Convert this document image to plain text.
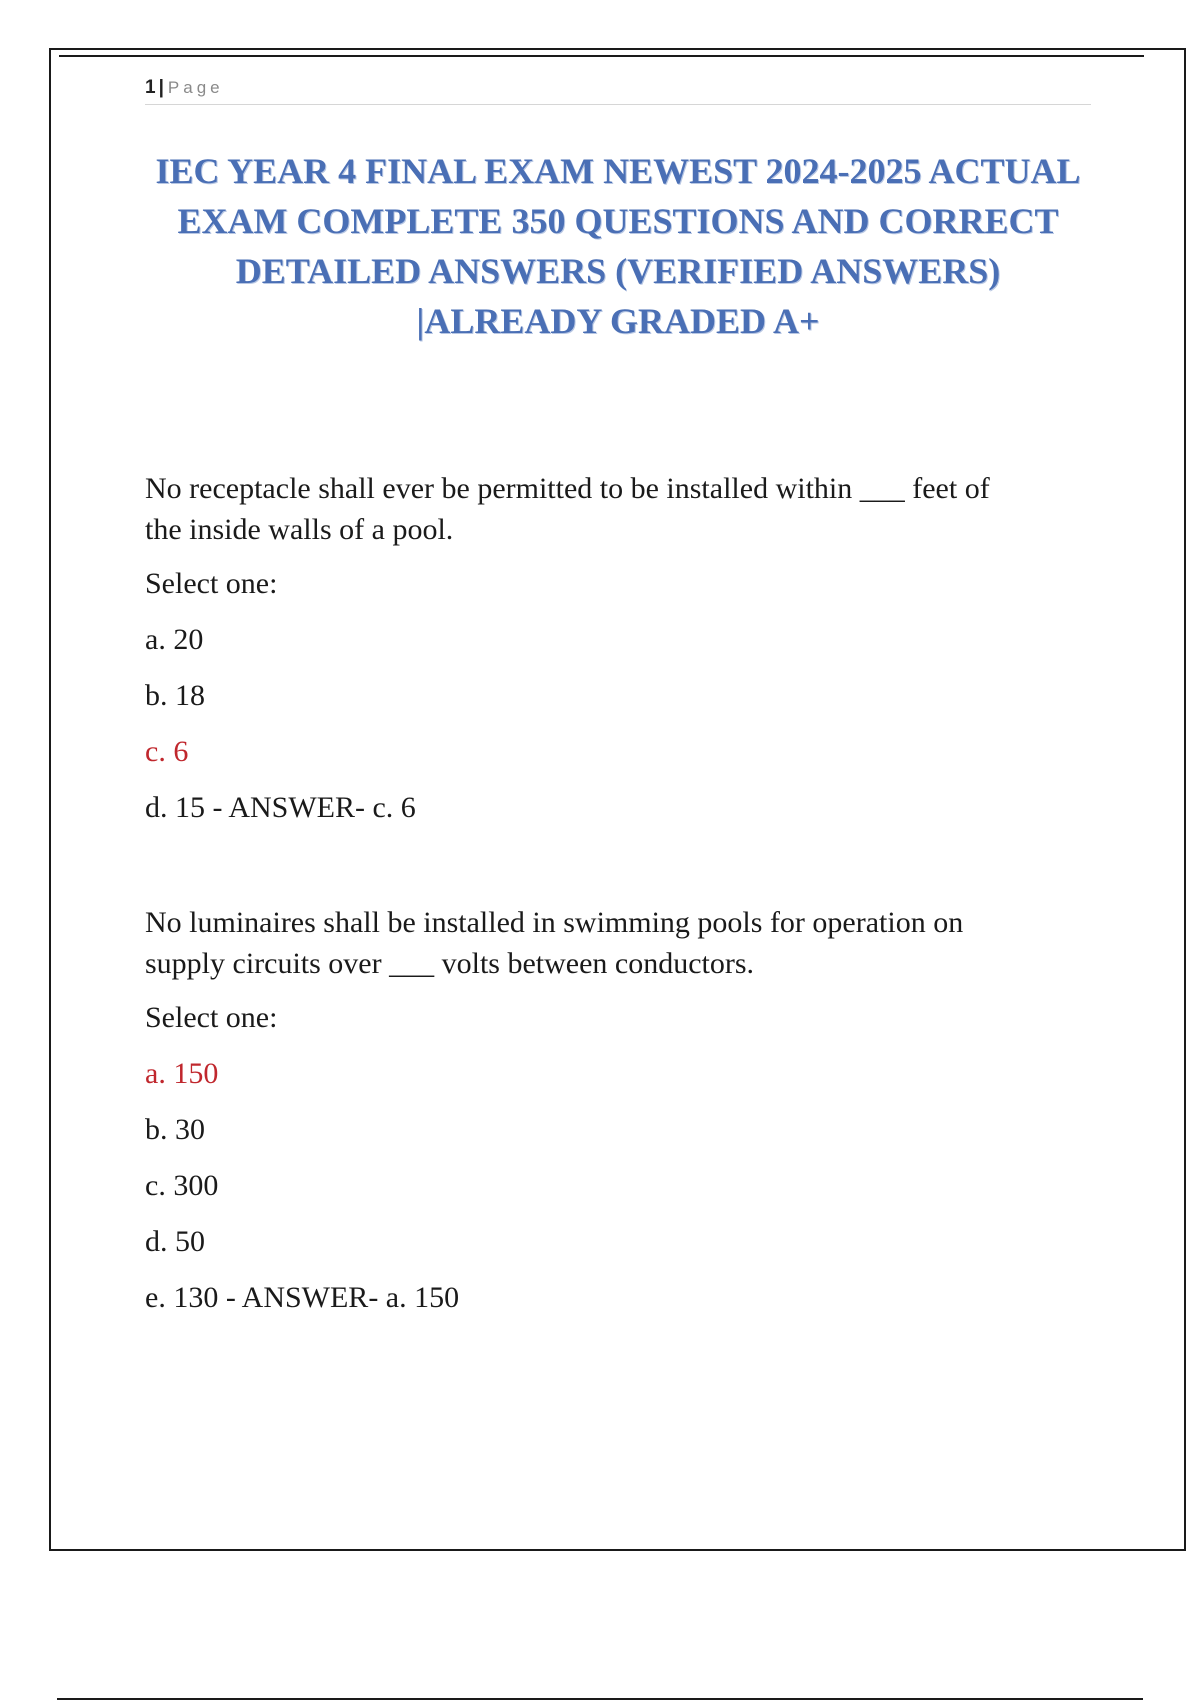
1 | Page
IEC YEAR 4 FINAL EXAM NEWEST 2024-2025 ACTUAL
EXAM COMPLETE 350 QUESTIONS AND CORRECT
DETAILED ANSWERS (VERIFIED ANSWERS)
|ALREADY GRADED A+

No receptacle shall ever be permitted to be installed within ___ feet of
the inside walls of a pool.

Select one:

a. 20

b. 18

c. 6

d. 15 - ANSWER- c. 6

No luminaires shall be installed in swimming pools for operation on
supply circuits over ___ volts between conductors.

Select one:

a. 150

b. 30

c. 300

d. 50

e. 130 - ANSWER- a. 150
